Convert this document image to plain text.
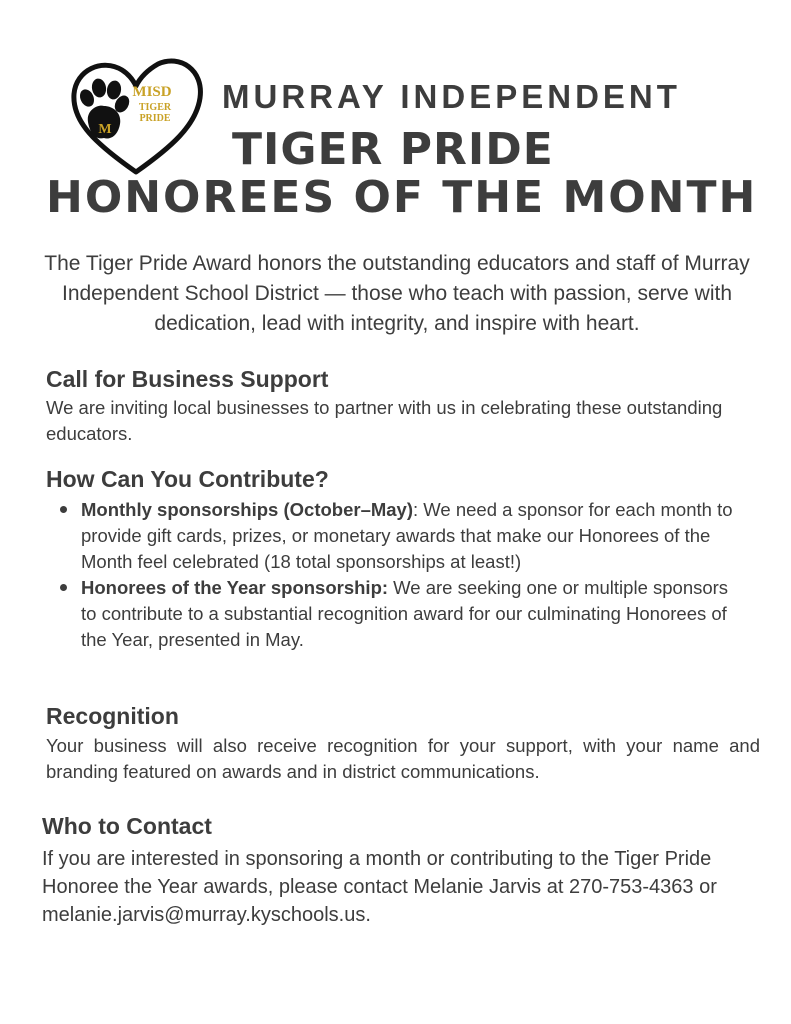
MISD
TIGER
PRIDE
M
MURRAY INDEPENDENT
TIGER PRIDE
HONOREES OF THE MONTH
The Tiger Pride Award honors the outstanding educators and staff of Murray Independent School District — those who teach with passion, serve with dedication, lead with integrity, and inspire with heart.
Call for Business Support
We are inviting local businesses to partner with us in celebrating these outstanding educators.
How Can You Contribute?
Monthly sponsorships (October–May): We need a sponsor for each month to provide gift cards, prizes, or monetary awards that make our Honorees of the Month feel celebrated (18 total sponsorships at least!)
Honorees of the Year sponsorship: We are seeking one or multiple sponsors to contribute to a substantial recognition award for our culminating Honorees of the Year, presented in May.
Recognition
Your business will also receive recognition for your support, with your name and branding featured on awards and in district communications.
Who to Contact
If you are interested in sponsoring a month or contributing to the Tiger Pride Honoree the Year awards, please contact Melanie Jarvis at 270-753-4363 or melanie.jarvis@murray.kyschools.us.
